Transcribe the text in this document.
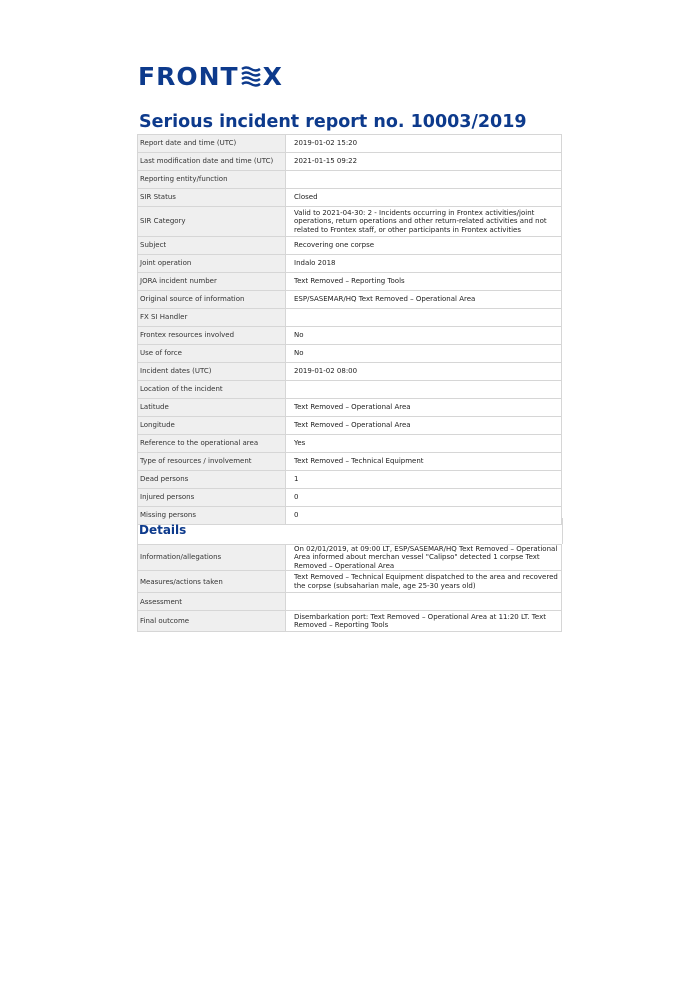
FRONT X
Serious incident report no. 10003/2019
Report date and time (UTC)	2019-01-02 15:20
Last modification date and time (UTC)	2021-01-15 09:22
Reporting entity/function	
SIR Status	Closed
SIR Category	Valid to 2021-04-30: 2 - Incidents occurring in Frontex activities/joint operations, return operations and other return-related activities and not related to Frontex staff, or other participants in Frontex activities
Subject	Recovering one corpse
Joint operation	Indalo 2018
JORA incident number	Text Removed – Reporting Tools
Original source of information	ESP/SASEMAR/HQ Text Removed – Operational Area
FX SI Handler	
Frontex resources involved	No
Use of force	No
Incident dates (UTC)	2019-01-02 08:00
Location of the incident	
Latitude	Text Removed – Operational Area
Longitude	Text Removed – Operational Area
Reference to the operational area	Yes
Type of resources / involvement	Text Removed – Technical Equipment
Dead persons	1
Injured persons	0
Missing persons	0
Details
Information/allegations	On 02/01/2019, at 09:00 LT, ESP/SASEMAR/HQ Text Removed – Operational Area informed about merchan vessel "Calipso" detected 1 corpse Text Removed – Operational Area
Measures/actions taken	Text Removed – Technical Equipment dispatched to the area and recovered the corpse (subsaharian male, age 25-30 years old)
Assessment	
Final outcome	Disembarkation port: Text Removed – Operational Area at 11:20 LT. Text Removed – Reporting Tools
